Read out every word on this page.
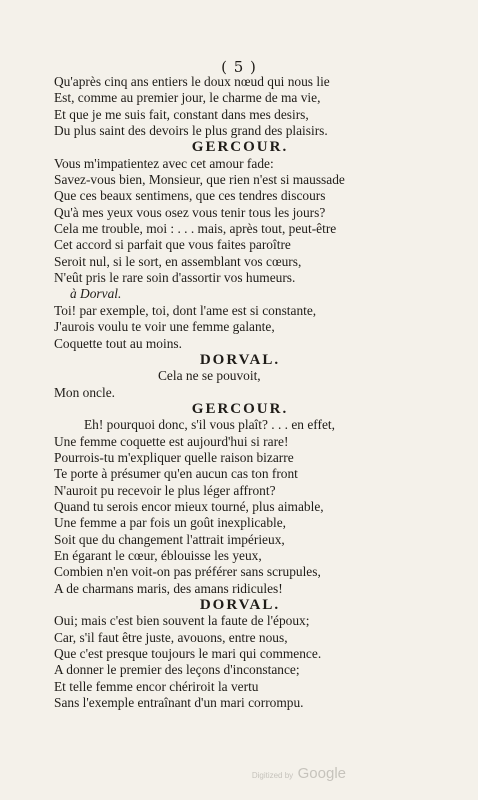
( 5 )
Qu'après cinq ans entiers le doux nœud qui nous lie
Est, comme au premier jour, le charme de ma vie,
Et que je me suis fait, constant dans mes desirs,
Du plus saint des devoirs le plus grand des plaisirs.
GERCOUR.
Vous m'impatientez avec cet amour fade:
Savez-vous bien, Monsieur, que rien n'est si maussade
Que ces beaux sentimens, que ces tendres discours
Qu'à mes yeux vous osez vous tenir tous les jours?
Cela me trouble, moi : . . . mais, après tout, peut-être
Cet accord si parfait que vous faites paroître
Seroit nul, si le sort, en assemblant vos cœurs,
N'eût pris le rare soin d'assortir vos humeurs.
à Dorval.
Toi! par exemple, toi, dont l'ame est si constante,
J'aurois voulu te voir une femme galante,
Coquette tout au moins.
DORVAL.
Cela ne se pouvoit,
Mon oncle.
GERCOUR.
Eh! pourquoi donc, s'il vous plaît? . . . en effet,
Une femme coquette est aujourd'hui si rare!
Pourrois-tu m'expliquer quelle raison bizarre
Te porte à présumer qu'en aucun cas ton front
N'auroit pu recevoir le plus léger affront?
Quand tu serois encor mieux tourné, plus aimable,
Une femme a par fois un goût inexplicable,
Soit que du changement l'attrait impérieux,
En égarant le cœur, éblouisse les yeux,
Combien n'en voit-on pas préférer sans scrupules,
A de charmans maris, des amans ridicules!
DORVAL.
Oui; mais c'est bien souvent la faute de l'époux;
Car, s'il faut être juste, avouons, entre nous,
Que c'est presque toujours le mari qui commence.
A donner le premier des leçons d'inconstance;
Et telle femme encor chériroit la vertu
Sans l'exemple entraînant d'un mari corrompu.
Digitized by Google
